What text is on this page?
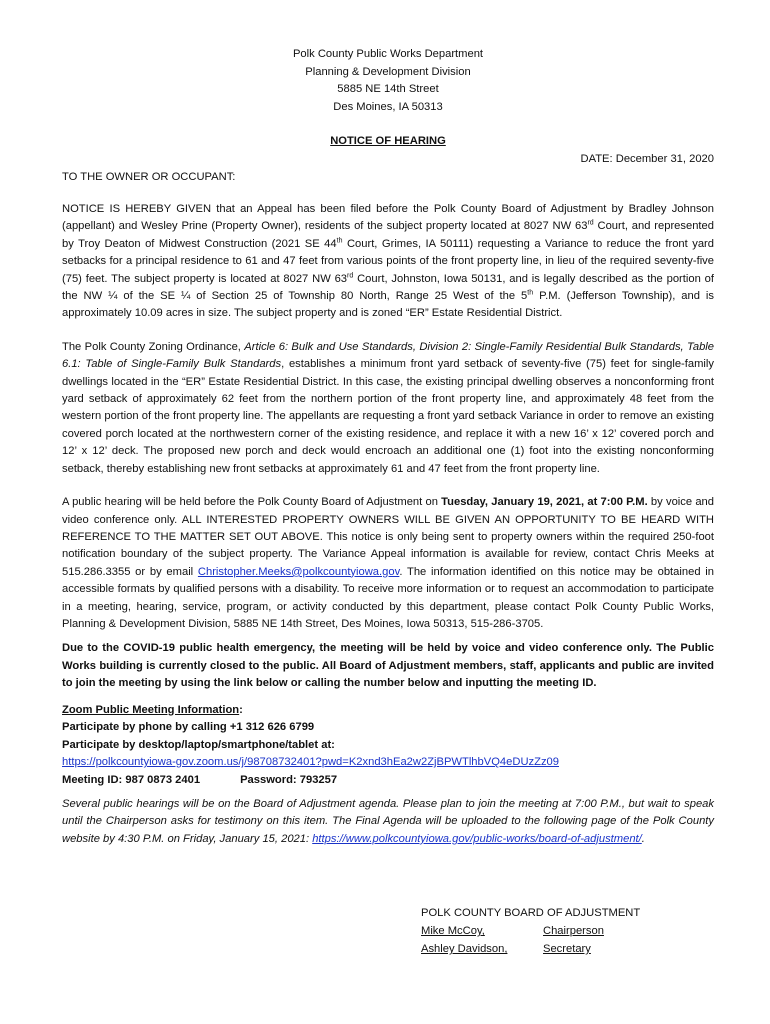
Polk County Public Works Department
Planning & Development Division
5885 NE 14th Street
Des Moines, IA 50313
NOTICE OF HEARING
DATE: December 31, 2020
TO THE OWNER OR OCCUPANT:

NOTICE IS HEREBY GIVEN that an Appeal has been filed before the Polk County Board of Adjustment by Bradley Johnson (appellant) and Wesley Prine (Property Owner), residents of the subject property located at 8027 NW 63rd Court, and represented by Troy Deaton of Midwest Construction (2021 SE 44th Court, Grimes, IA 50111) requesting a Variance to reduce the front yard setbacks for a principal residence to 61 and 47 feet from various points of the front property line, in lieu of the required seventy-five (75) feet. The subject property is located at 8027 NW 63rd Court, Johnston, Iowa 50131, and is legally described as the portion of the NW ¼ of the SE ¼ of Section 25 of Township 80 North, Range 25 West of the 5th P.M. (Jefferson Township), and is approximately 10.09 acres in size. The subject property and is zoned “ER” Estate Residential District.

The Polk County Zoning Ordinance, Article 6: Bulk and Use Standards, Division 2: Single-Family Residential Bulk Standards, Table 6.1: Table of Single-Family Bulk Standards, establishes a minimum front yard setback of seventy-five (75) feet for single-family dwellings located in the “ER” Estate Residential District. In this case, the existing principal dwelling observes a nonconforming front yard setback of approximately 62 feet from the northern portion of the front property line, and approximately 48 feet from the western portion of the front property line. The appellants are requesting a front yard setback Variance in order to remove an existing covered porch located at the northwestern corner of the existing residence, and replace it with a new 16’ x 12’ covered porch and 12’ x 12’ deck. The proposed new porch and deck would encroach an additional one (1) foot into the existing nonconforming setback, thereby establishing new front setbacks at approximately 61 and 47 feet from the front property line.

A public hearing will be held before the Polk County Board of Adjustment on Tuesday, January 19, 2021, at 7:00 P.M. by voice and video conference only. ALL INTERESTED PROPERTY OWNERS WILL BE GIVEN AN OPPORTUNITY TO BE HEARD WITH REFERENCE TO THE MATTER SET OUT ABOVE. This notice is only being sent to property owners within the required 250-foot notification boundary of the subject property. The Variance Appeal information is available for review, contact Chris Meeks at 515.286.3355 or by email Christopher.Meeks@polkcountyiowa.gov. The information identified on this notice may be obtained in accessible formats by qualified persons with a disability. To receive more information or to request an accommodation to participate in a meeting, hearing, service, program, or activity conducted by this department, please contact Polk County Public Works, Planning & Development Division, 5885 NE 14th Street, Des Moines, Iowa 50313, 515-286-3705.

Due to the COVID-19 public health emergency, the meeting will be held by voice and video conference only. The Public Works building is currently closed to the public. All Board of Adjustment members, staff, applicants and public are invited to join the meeting by using the link below or calling the number below and inputting the meeting ID.

Zoom Public Meeting Information:
Participate by phone by calling +1 312 626 6799
Participate by desktop/laptop/smartphone/tablet at:
https://polkcountyiowa-gov.zoom.us/j/98708732401?pwd=K2xnd3hEa2w2ZjBPWTlhbVQ4eDUzZz09
Meeting ID: 987 0873 2401	Password: 793257

Several public hearings will be on the Board of Adjustment agenda. Please plan to join the meeting at 7:00 P.M., but wait to speak until the Chairperson asks for testimony on this item. The Final Agenda will be uploaded to the following page of the Polk County website by 4:30 P.M. on Friday, January 15, 2021: https://www.polkcountyiowa.gov/public-works/board-of-adjustment/.

POLK COUNTY BOARD OF ADJUSTMENT
Mike McCoy,	Chairperson
Ashley Davidson,	Secretary
